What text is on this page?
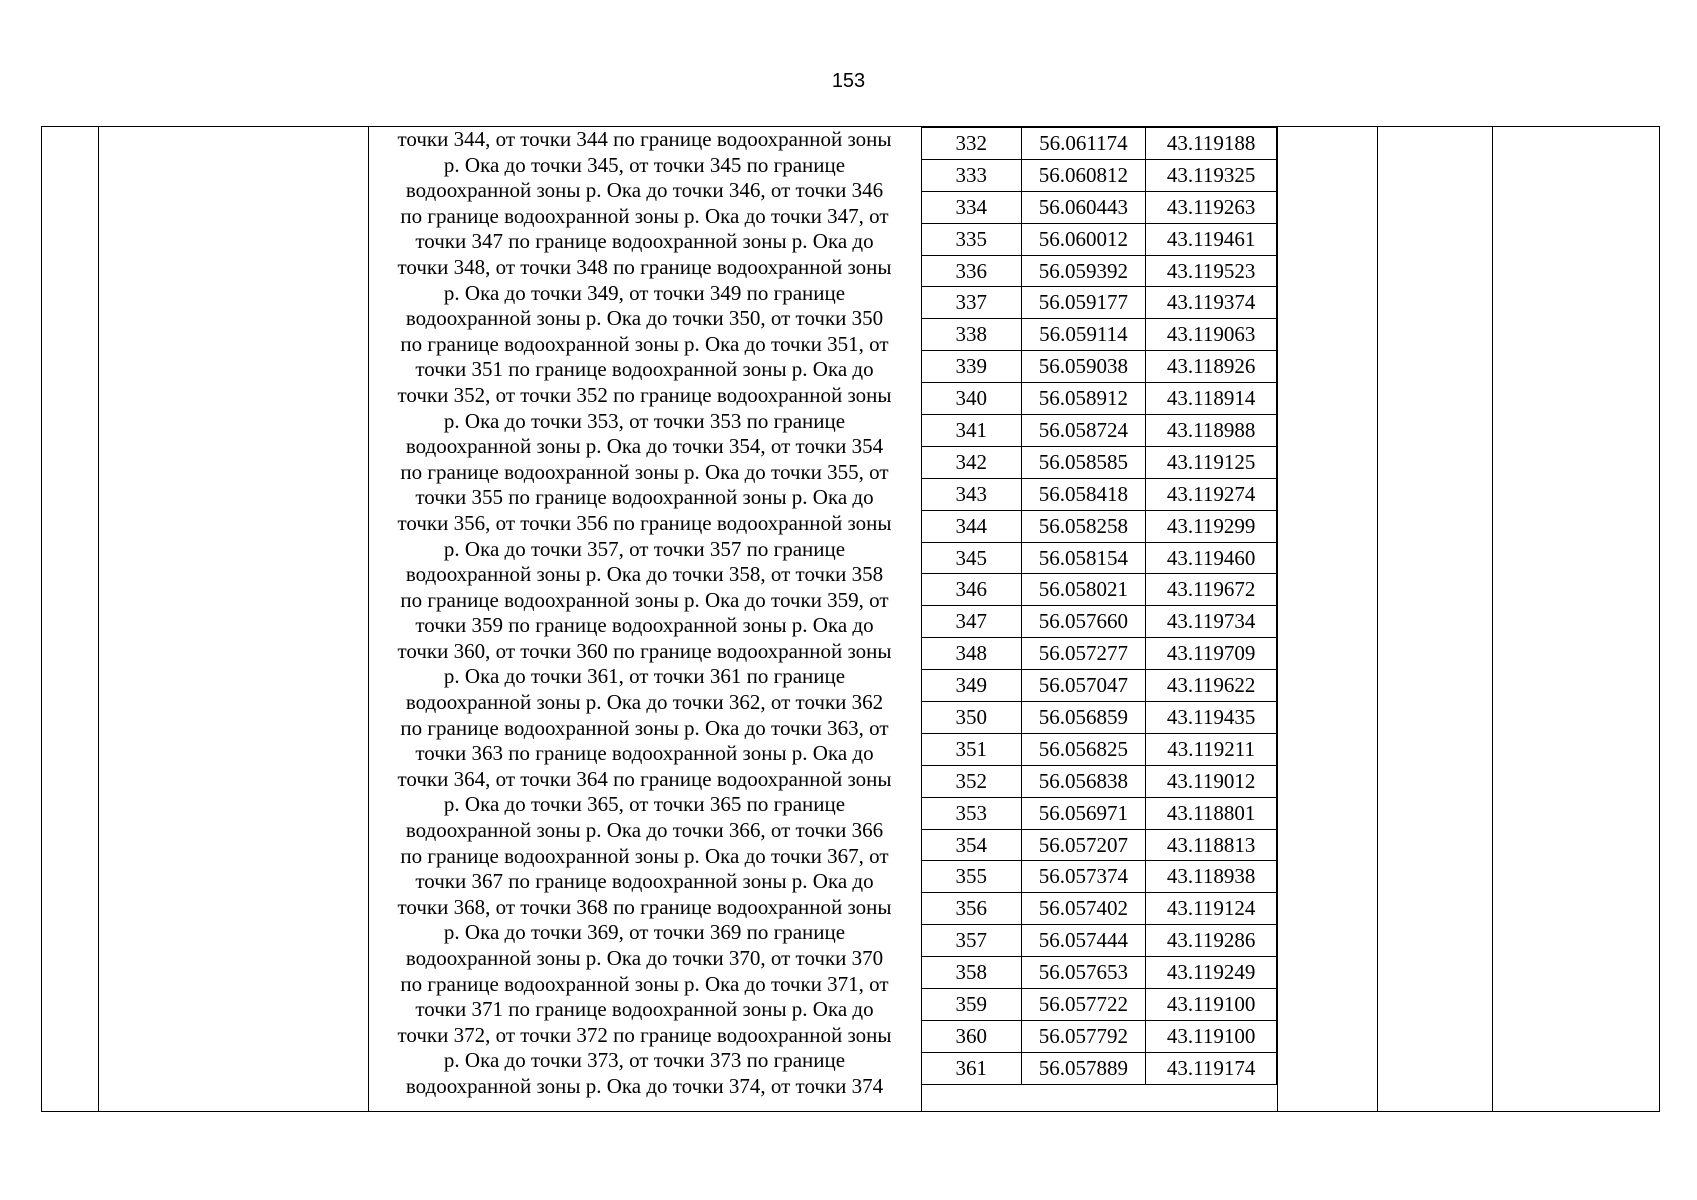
153
точки 344, от точки 344 по границе водоохранной зоны
р. Ока до точки 345, от точки 345 по границе
водоохранной зоны р. Ока до точки 346, от точки 346
по границе водоохранной зоны р. Ока до точки 347, от
точки 347 по границе водоохранной зоны р. Ока до
точки 348, от точки 348 по границе водоохранной зоны
р. Ока до точки 349, от точки 349 по границе
водоохранной зоны р. Ока до точки 350, от точки 350
по границе водоохранной зоны р. Ока до точки 351, от
точки 351 по границе водоохранной зоны р. Ока до
точки 352, от точки 352 по границе водоохранной зоны
р. Ока до точки 353, от точки 353 по границе
водоохранной зоны р. Ока до точки 354, от точки 354
по границе водоохранной зоны р. Ока до точки 355, от
точки 355 по границе водоохранной зоны р. Ока до
точки 356, от точки 356 по границе водоохранной зоны
р. Ока до точки 357, от точки 357 по границе
водоохранной зоны р. Ока до точки 358, от точки 358
по границе водоохранной зоны р. Ока до точки 359, от
точки 359 по границе водоохранной зоны р. Ока до
точки 360, от точки 360 по границе водоохранной зоны
р. Ока до точки 361, от точки 361 по границе
водоохранной зоны р. Ока до точки 362, от точки 362
по границе водоохранной зоны р. Ока до точки 363, от
точки 363 по границе водоохранной зоны р. Ока до
точки 364, от точки 364 по границе водоохранной зоны
р. Ока до точки 365, от точки 365 по границе
водоохранной зоны р. Ока до точки 366, от точки 366
по границе водоохранной зоны р. Ока до точки 367, от
точки 367 по границе водоохранной зоны р. Ока до
точки 368, от точки 368 по границе водоохранной зоны
р. Ока до точки 369, от точки 369 по границе
водоохранной зоны р. Ока до точки 370, от точки 370
по границе водоохранной зоны р. Ока до точки 371, от
точки 371 по границе водоохранной зоны р. Ока до
точки 372, от точки 372 по границе водоохранной зоны
р. Ока до точки 373, от точки 373 по границе
водоохранной зоны р. Ока до точки 374, от точки 374
332	56.061174	43.119188
333	56.060812	43.119325
334	56.060443	43.119263
335	56.060012	43.119461
336	56.059392	43.119523
337	56.059177	43.119374
338	56.059114	43.119063
339	56.059038	43.118926
340	56.058912	43.118914
341	56.058724	43.118988
342	56.058585	43.119125
343	56.058418	43.119274
344	56.058258	43.119299
345	56.058154	43.119460
346	56.058021	43.119672
347	56.057660	43.119734
348	56.057277	43.119709
349	56.057047	43.119622
350	56.056859	43.119435
351	56.056825	43.119211
352	56.056838	43.119012
353	56.056971	43.118801
354	56.057207	43.118813
355	56.057374	43.118938
356	56.057402	43.119124
357	56.057444	43.119286
358	56.057653	43.119249
359	56.057722	43.119100
360	56.057792	43.119100
361	56.057889	43.119174
